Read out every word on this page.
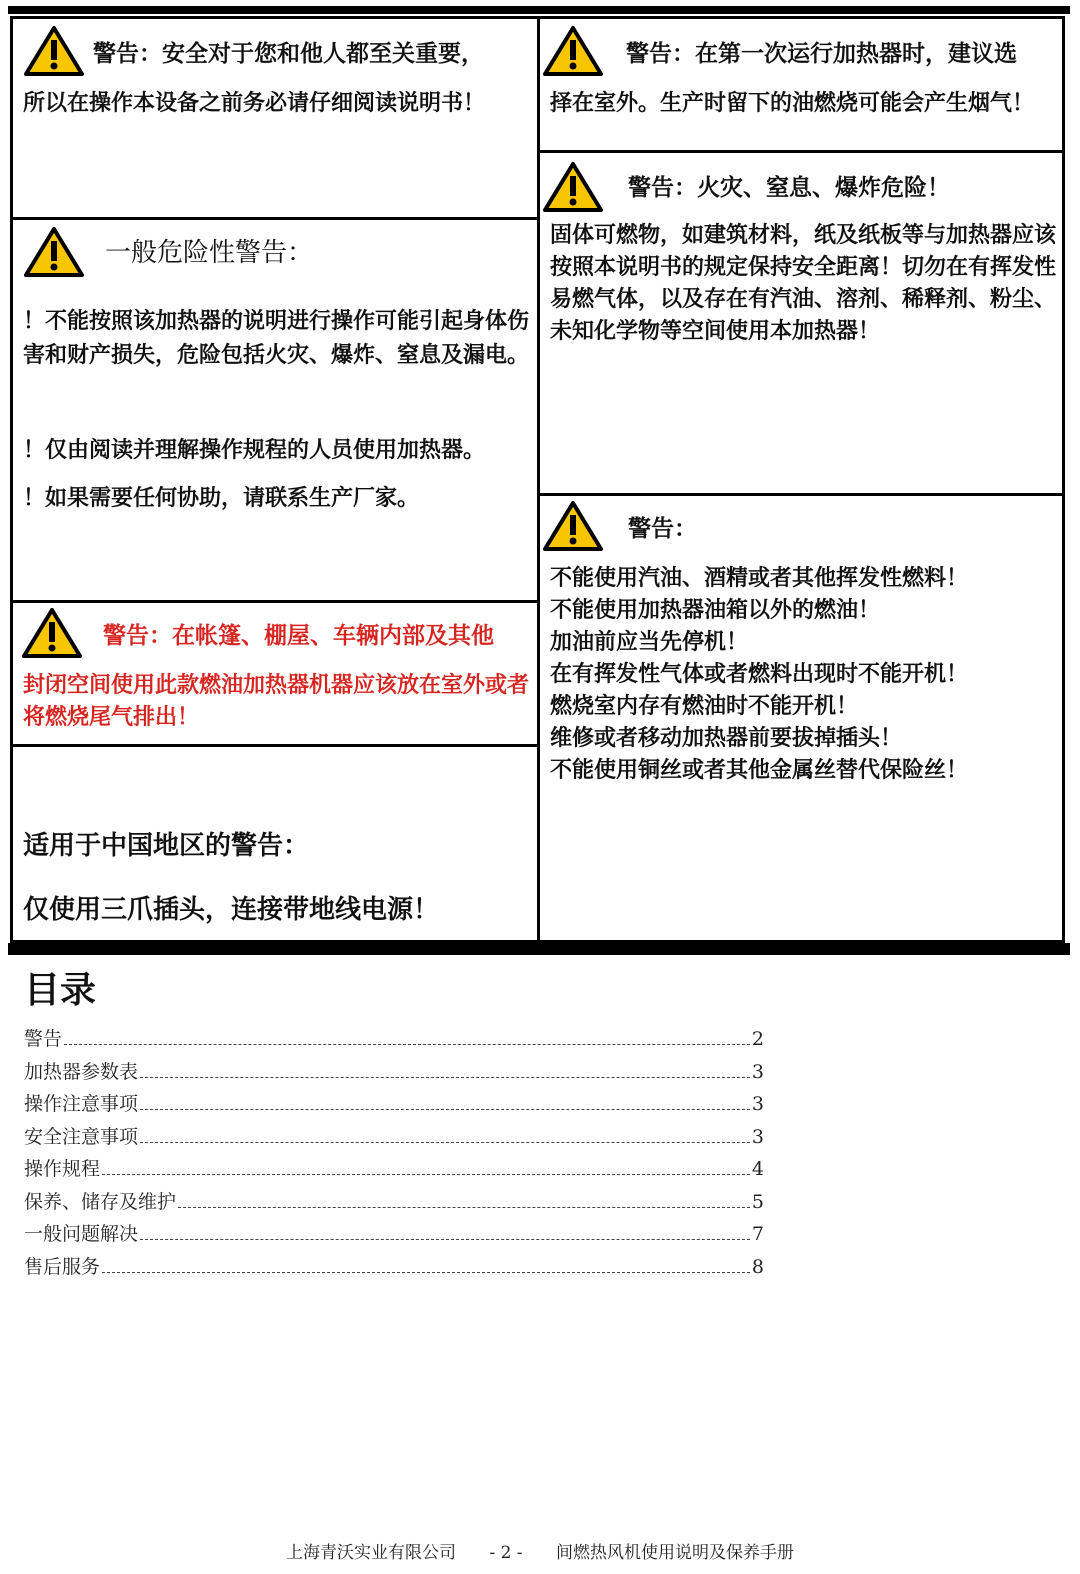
警告：安全对于您和他人都至关重要，
所以在操作本设备之前务必请仔细阅读说明书！
一般危险性警告：
！不能按照该加热器的说明进行操作可能引起身体伤害和财产损失，危险包括火灾、爆炸、窒息及漏电。
！仅由阅读并理解操作规程的人员使用加热器。
！如果需要任何协助，请联系生产厂家。
警告：在帐篷、棚屋、车辆内部及其他
封闭空间使用此款燃油加热器机器应该放在室外或者将燃烧尾气排出！
适用于中国地区的警告：
仅使用三爪插头，连接带地线电源！
警告：在第一次运行加热器时，建议选
择在室外。生产时留下的油燃烧可能会产生烟气！
警告：火灾、窒息、爆炸危险！
固体可燃物，如建筑材料，纸及纸板等与加热器应该按照本说明书的规定保持安全距离！切勿在有挥发性易燃气体，以及存在有汽油、溶剂、稀释剂、粉尘、未知化学物等空间使用本加热器！
警告：
不能使用汽油、酒精或者其他挥发性燃料！
不能使用加热器油箱以外的燃油！
加油前应当先停机！
在有挥发性气体或者燃料出现时不能开机！
燃烧室内存有燃油时不能开机！
维修或者移动加热器前要拔掉插头！
不能使用铜丝或者其他金属丝替代保险丝！
目录
警告	2
加热器参数表	3
操作注意事项	3
安全注意事项	3
操作规程	4
保养、储存及维护	5
一般问题解决	7
售后服务	8
上海青沃实业有限公司 - 2 - 间燃热风机使用说明及保养手册
